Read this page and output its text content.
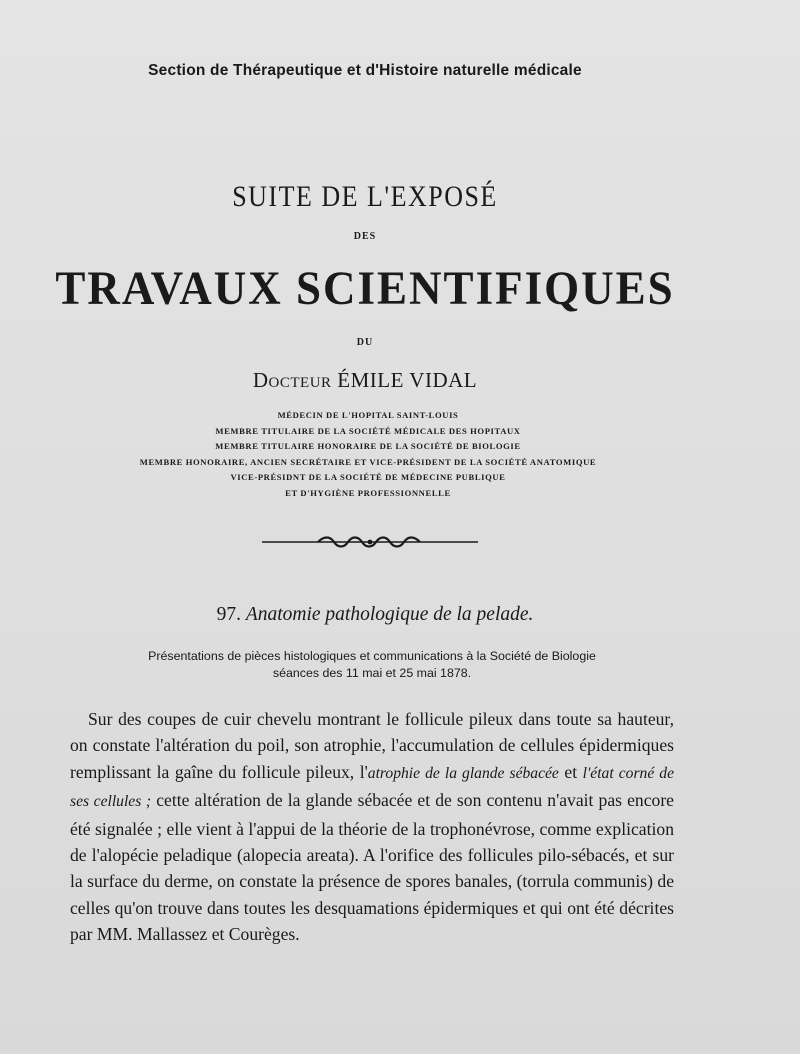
Section de Thérapeutique et d'Histoire naturelle médicale
SUITE DE L'EXPOSÉ
DES
TRAVAUX SCIENTIFIQUES
DU
Docteur ÉMILE VIDAL
MÉDECIN DE L'HOPITAL SAINT-LOUIS
MEMBRE TITULAIRE DE LA SOCIÉTÉ MÉDICALE DES HOPITAUX
MEMBRE TITULAIRE HONORAIRE DE LA SOCIÉTÉ DE BIOLOGIE
MEMBRE HONORAIRE, ANCIEN SECRÉTAIRE ET VICE-PRÉSIDENT DE LA SOCIÉTÉ ANATOMIQUE
VICE-PRÉSIDNT DE LA SOCIÉTÉ DE MÉDECINE PUBLIQUE
ET D'HYGIÈNE PROFESSIONNELLE
97. Anatomie pathologique de la pelade.
Présentations de pièces histologiques et communications à la Société de Biologie
séances des 11 mai et 25 mai 1878.

Sur des coupes de cuir chevelu montrant le follicule pileux dans toute sa hauteur, on constate l'altération du poil, son atrophie, l'accumulation de cellules épidermiques remplissant la gaîne du follicule pileux, l'atrophie de la glande sébacée et l'état corné de ses cellules ; cette altération de la glande sébacée et de son contenu n'avait pas encore été signalée ; elle vient à l'appui de la théorie de la trophonévrose, comme explication de l'alopécie peladique (alopecia areata). A l'orifice des follicules pilo-sébacés, et sur la surface du derme, on constate la présence de spores banales, (torrula communis) de celles qu'on trouve dans toutes les desquamations épidermiques et qui ont été décrites par MM. Mallassez et Courèges.
